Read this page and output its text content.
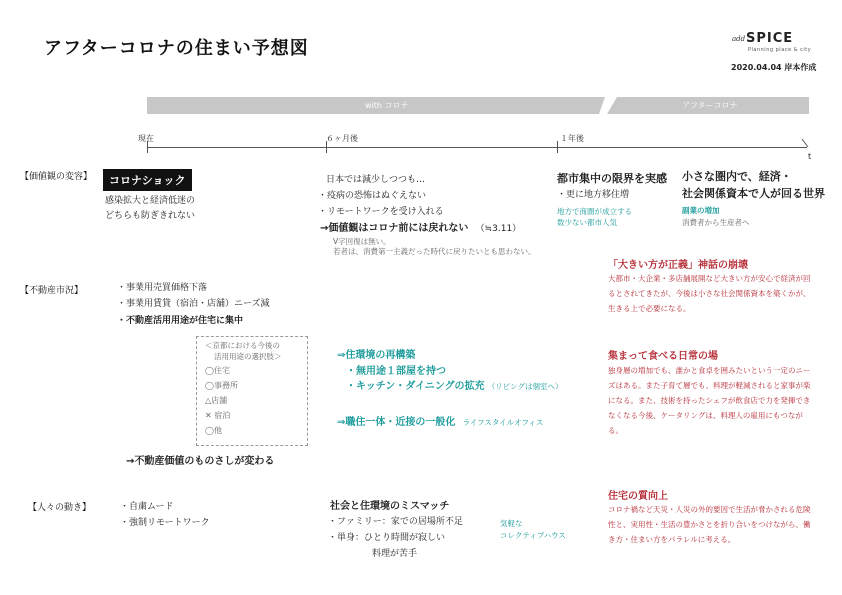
アフターコロナの住まい予想図	add SPICE
Planning place & city
2020.04.04 岸本作成
with コロナ	アフターコロナ
現在	６ヶ月後	１年後
t
【価値観の変容】	コロナショック
感染拡大と経済低迷の
どちらも防ぎきれない
日本では減少しつつも…
・疫病の恐怖はぬぐえない
・リモートワークを受け入れる
→価値観はコロナ前には戻れない （≒3.11）
V字回復は無い。
若者は、消費第一主義だった時代に戻りたいとも思わない。
都市集中の限界を実感
・更に地方移住増
地方で商圏が成立する
数少ない都市人気
小さな圏内で、経済・
社会関係資本で人が回る世界
副業の増加
消費者から生産者へ
【不動産市況】	・事業用売買価格下落
・事業用賃貸（宿泊・店舗）ニーズ減
・不動産活用用途が住宅に集中
＜京都における今後の
活用用途の選択肢＞
◯住宅
◯事務所
△店舗
✕ 宿泊
◯他
→不動産価値のものさしが変わる
⇒住環境の再構築
・無用途１部屋を持つ
・キッチン・ダイニングの拡充 （リビングは個室へ）
⇒職住一体・近接の一般化 ライフスタイルオフィス
「大きい方が正義」神話の崩壊

大都市・大企業・多店舗展開など大きい方が安心で経済が回るとされてきたが、今後は小さな社会関係資本を築くかが、生きる上で必要になる。

集まって食べる日常の場

独身層の増加でも、誰かと食卓を囲みたいという一定のニーズはある。また子育て層でも、料理が軽減されると家事が楽になる。また、技術を持ったシェフが飲食店で力を発揮できなくなる今後、ケータリングは、料理人の雇用にもつながる。

【人々の動き】	・自粛ムード
・強制リモートワーク
社会と住環境のミスマッチ
・ファミリー：家での居場所不足
・単身：ひとり時間が寂しい
料理が苦手
気軽な
コレクティブハウス
住宅の質向上

コロナ禍など天災・人災の外的要因で生活が脅かされる危険性と、実用性・生活の豊かさとを折り合いをつけながら、働き方・住まい方をパラレルに考える。
